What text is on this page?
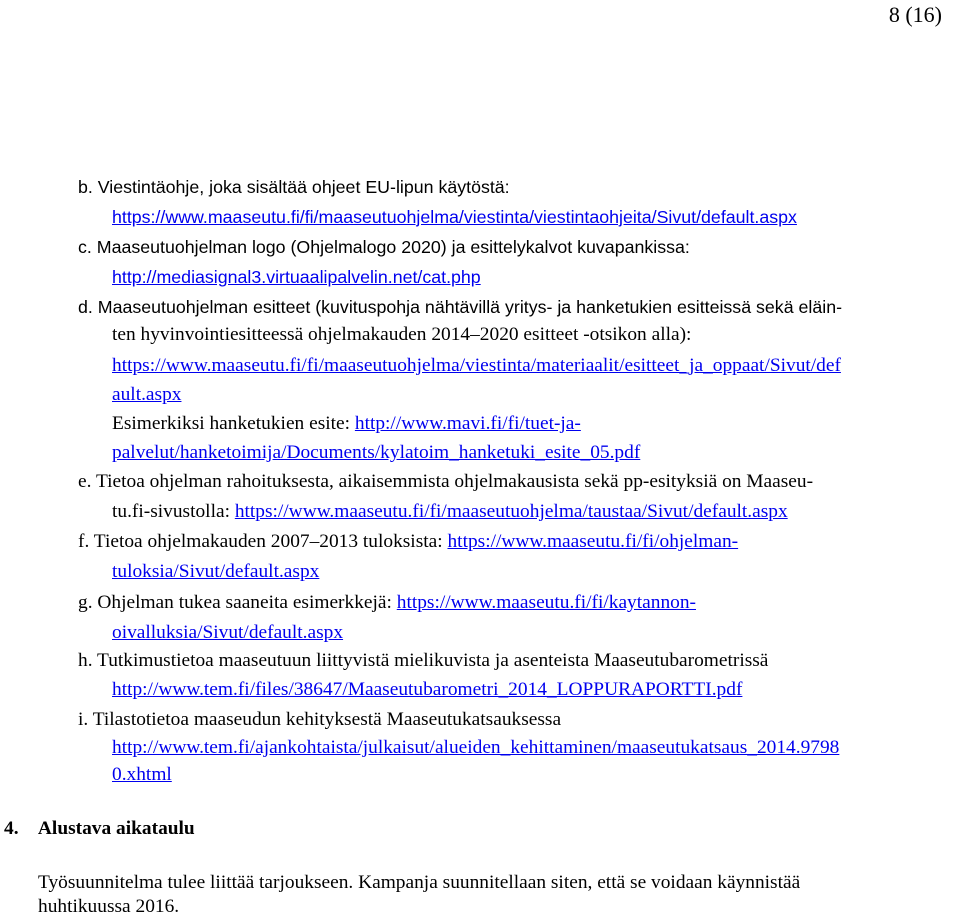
8 (16)

b. Viestintäohje, joka sisältää ohjeet EU-lipun käytöstä:

https://www.maaseutu.fi/fi/maaseutuohjelma/viestinta/viestintaohjeita/Sivut/default.aspx

c. Maaseutuohjelman logo (Ohjelmalogo 2020) ja esittelykalvot kuvapankissa:

http://mediasignal3.virtuaalipalvelin.net/cat.php

d. Maaseutuohjelman esitteet (kuvituspohja nähtävillä yritys- ja hanketukien esitteissä sekä eläin-

ten hyvinvointiesitteessä ohjelmakauden 2014–2020 esitteet -otsikon alla):

https://www.maaseutu.fi/fi/maaseutuohjelma/viestinta/materiaalit/esitteet_ja_oppaat/Sivut/def

ault.aspx

Esimerkiksi hanketukien esite: http://www.mavi.fi/fi/tuet-ja-

palvelut/hanketoimija/Documents/kylatoim_hanketuki_esite_05.pdf

e. Tietoa ohjelman rahoituksesta, aikaisemmista ohjelmakausista sekä pp-esityksiä on Maaseu-

tu.fi-sivustolla: https://www.maaseutu.fi/fi/maaseutuohjelma/taustaa/Sivut/default.aspx

f. Tietoa ohjelmakauden 2007–2013 tuloksista: https://www.maaseutu.fi/fi/ohjelman-

tuloksia/Sivut/default.aspx

g. Ohjelman tukea saaneita esimerkkejä: https://www.maaseutu.fi/fi/kaytannon-

oivalluksia/Sivut/default.aspx

h. Tutkimustietoa maaseutuun liittyvistä mielikuvista ja asenteista Maaseutubarometrissä

http://www.tem.fi/files/38647/Maaseutubarometri_2014_LOPPURAPORTTI.pdf

i. Tilastotietoa maaseudun kehityksestä Maaseutukatsauksessa

http://www.tem.fi/ajankohtaista/julkaisut/alueiden_kehittaminen/maaseutukatsaus_2014.9798

0.xhtml

4.    Alustava aikataulu

Työsuunnitelma tulee liittää tarjoukseen. Kampanja suunnitellaan siten, että se voidaan käynnistää

huhtikuussa 2016.
